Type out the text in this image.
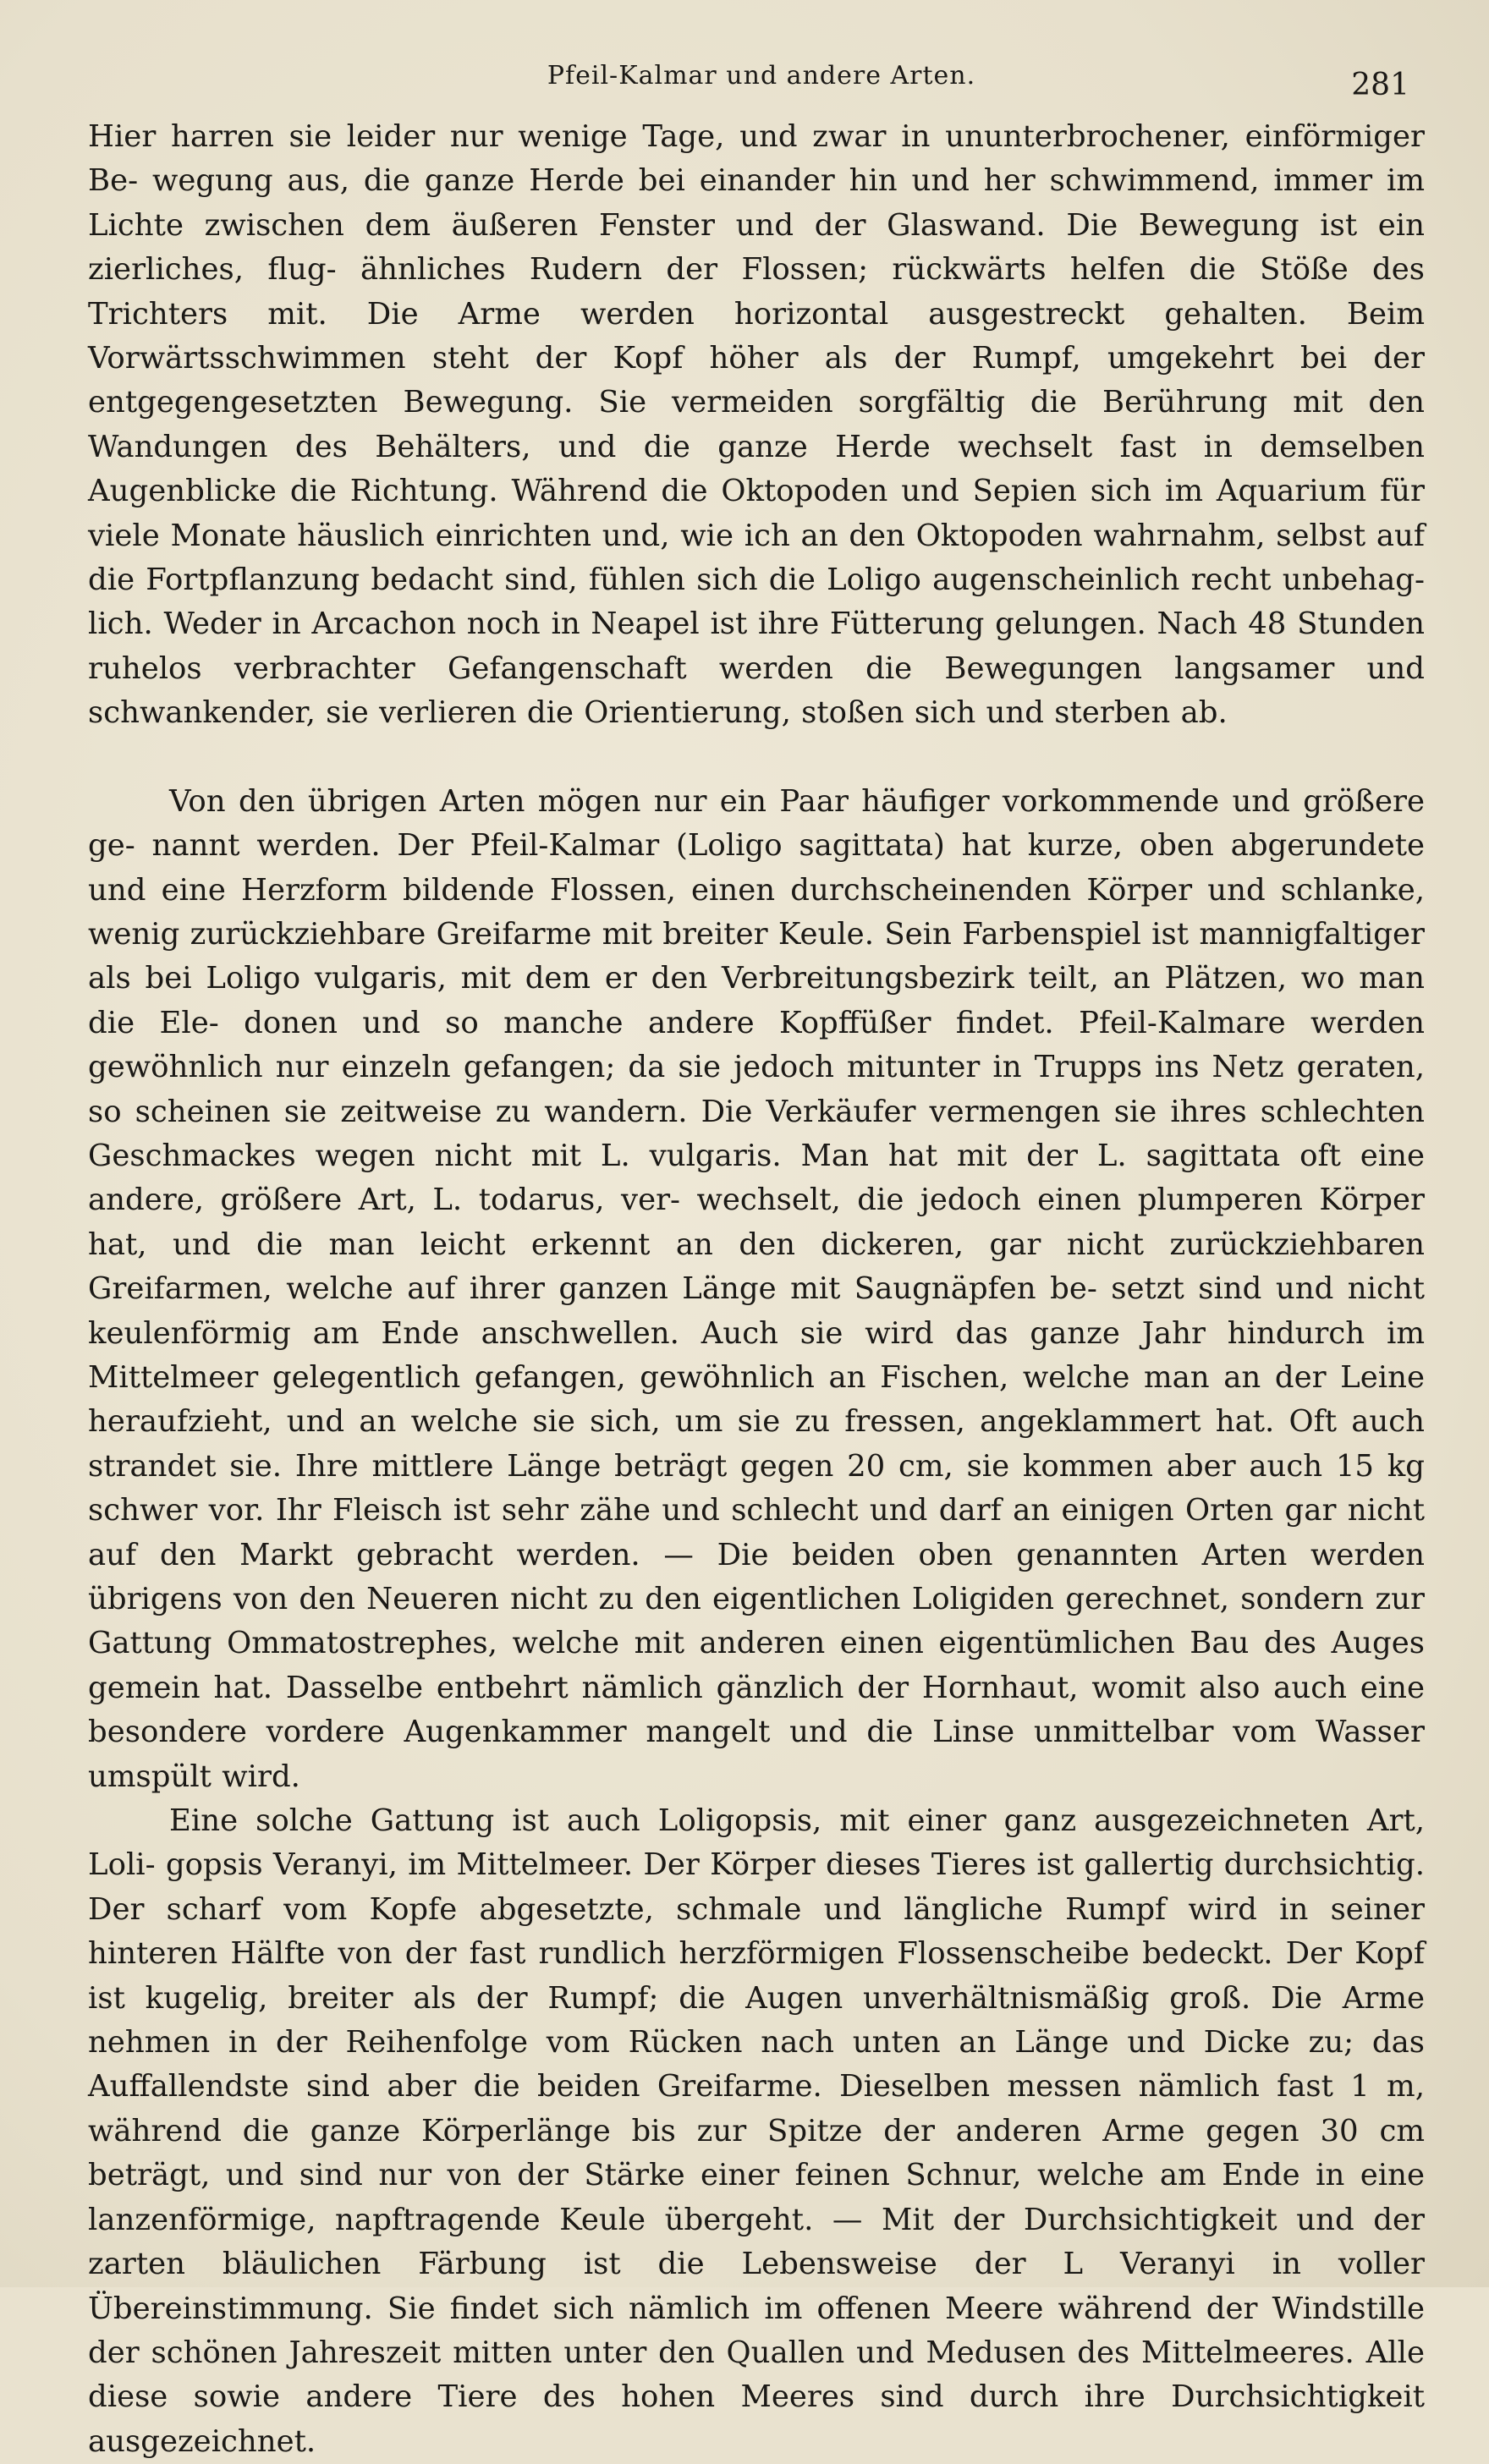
Pfeil-Kalmar und andere Arten.	281

Hier harren sie leider nur wenige Tage, und zwar in ununterbrochener, einförmiger Be- wegung aus, die ganze Herde bei einander hin und her schwimmend, immer im Lichte zwischen dem äußeren Fenster und der Glaswand. Die Bewegung ist ein zierliches, flug- ähnliches Rudern der Flossen; rückwärts helfen die Stöße des Trichters mit. Die Arme werden horizontal ausgestreckt gehalten. Beim Vorwärtsschwimmen steht der Kopf höher als der Rumpf, umgekehrt bei der entgegengesetzten Bewegung. Sie vermeiden sorgfältig die Berührung mit den Wandungen des Behälters, und die ganze Herde wechselt fast in demselben Augenblicke die Richtung. Während die Oktopoden und Sepien sich im Aquarium für viele Monate häuslich einrichten und, wie ich an den Oktopoden wahrnahm, selbst auf die Fortpflanzung bedacht sind, fühlen sich die Loligo augenscheinlich recht unbehag- lich. Weder in Arcachon noch in Neapel ist ihre Fütterung gelungen. Nach 48 Stunden ruhelos verbrachter Gefangenschaft werden die Bewegungen langsamer und schwankender, sie verlieren die Orientierung, stoßen sich und sterben ab.

Von den übrigen Arten mögen nur ein Paar häufiger vorkommende und größere ge- nannt werden. Der Pfeil-Kalmar (Loligo sagittata) hat kurze, oben abgerundete und eine Herzform bildende Flossen, einen durchscheinenden Körper und schlanke, wenig zurückziehbare Greifarme mit breiter Keule. Sein Farbenspiel ist mannigfaltiger als bei Loligo vulgaris, mit dem er den Verbreitungsbezirk teilt, an Plätzen, wo man die Ele- donen und so manche andere Kopffüßer findet. Pfeil-Kalmare werden gewöhnlich nur einzeln gefangen; da sie jedoch mitunter in Trupps ins Netz geraten, so scheinen sie zeitweise zu wandern. Die Verkäufer vermengen sie ihres schlechten Geschmackes wegen nicht mit L. vulgaris. Man hat mit der L. sagittata oft eine andere, größere Art, L. todarus, ver- wechselt, die jedoch einen plumperen Körper hat, und die man leicht erkennt an den dickeren, gar nicht zurückziehbaren Greifarmen, welche auf ihrer ganzen Länge mit Saugnäpfen be- setzt sind und nicht keulenförmig am Ende anschwellen. Auch sie wird das ganze Jahr hindurch im Mittelmeer gelegentlich gefangen, gewöhnlich an Fischen, welche man an der Leine heraufzieht, und an welche sie sich, um sie zu fressen, angeklammert hat. Oft auch strandet sie. Ihre mittlere Länge beträgt gegen 20 cm, sie kommen aber auch 15 kg schwer vor. Ihr Fleisch ist sehr zähe und schlecht und darf an einigen Orten gar nicht auf den Markt gebracht werden. — Die beiden oben genannten Arten werden übrigens von den Neueren nicht zu den eigentlichen Loligiden gerechnet, sondern zur Gattung Ommatostrephes, welche mit anderen einen eigentümlichen Bau des Auges gemein hat. Dasselbe entbehrt nämlich gänzlich der Hornhaut, womit also auch eine besondere vordere Augenkammer mangelt und die Linse unmittelbar vom Wasser umspült wird.

Eine solche Gattung ist auch Loligopsis, mit einer ganz ausgezeichneten Art, Loli- gopsis Veranyi, im Mittelmeer. Der Körper dieses Tieres ist gallertig durchsichtig. Der scharf vom Kopfe abgesetzte, schmale und längliche Rumpf wird in seiner hinteren Hälfte von der fast rundlich herzförmigen Flossenscheibe bedeckt. Der Kopf ist kugelig, breiter als der Rumpf; die Augen unverhältnismäßig groß. Die Arme nehmen in der Reihenfolge vom Rücken nach unten an Länge und Dicke zu; das Auffallendste sind aber die beiden Greifarme. Dieselben messen nämlich fast 1 m, während die ganze Körperlänge bis zur Spitze der anderen Arme gegen 30 cm beträgt, und sind nur von der Stärke einer feinen Schnur, welche am Ende in eine lanzenförmige, napftragende Keule übergeht. — Mit der Durchsichtigkeit und der zarten bläulichen Färbung ist die Lebensweise der L Veranyi in voller Übereinstimmung. Sie findet sich nämlich im offenen Meere während der Windstille der schönen Jahreszeit mitten unter den Quallen und Medusen des Mittelmeeres. Alle diese sowie andere Tiere des hohen Meeres sind durch ihre Durchsichtigkeit ausgezeichnet.
